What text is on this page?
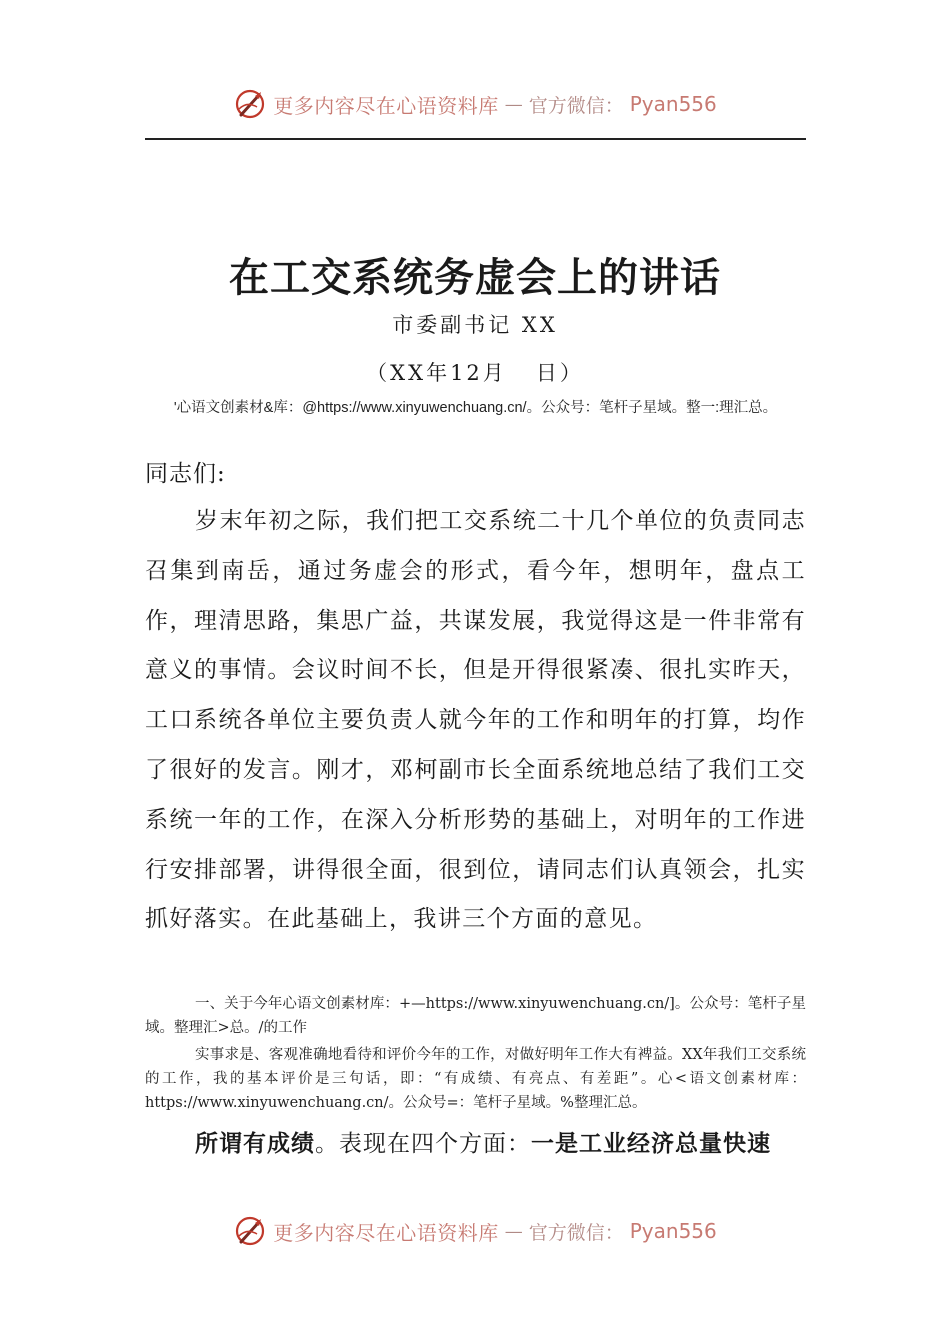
更多内容尽在心语资料库 — 官方微信： Pyan556
在工交系统务虚会上的讲话
市委副书记 XX
（XX年12月   日）
'心语文创素材&库：@https://www.xinyuwenchuang.cn/。公众号：笔杆子星域。整一:理汇总。
同志们:
岁末年初之际，我们把工交系统二十几个单位的负责同志召集到南岳，通过务虚会的形式，看今年，想明年，盘点工作，理清思路，集思广益，共谋发展，我觉得这是一件非常有意义的事情。会议时间不长，但是开得很紧凑、很扎实昨天，工口系统各单位主要负责人就今年的工作和明年的打算，均作了很好的发言。刚才，邓柯副市长全面系统地总结了我们工交系统一年的工作，在深入分析形势的基础上，对明年的工作进行安排部署，讲得很全面，很到位，请同志们认真领会，扎实抓好落实。在此基础上，我讲三个方面的意见。
一、关于今年心语文创素材库：+—https://www.xinyuwenchuang.cn/]。公众号：笔杆子星域。整理汇>总。/的工作
实事求是、客观准确地看待和评价今年的工作，对做好明年工作大有裨益。XX年我们工交系统的工作，我的基本评价是三句话，即：“有成绩、有亮点、有差距”。心<语文创素材库：https://www.xinyuwenchuang.cn/。公众号=：笔杆子星域。%整理汇总。
所谓有成绩。表现在四个方面：一是工业经济总量快速
更多内容尽在心语资料库 — 官方微信： Pyan556
